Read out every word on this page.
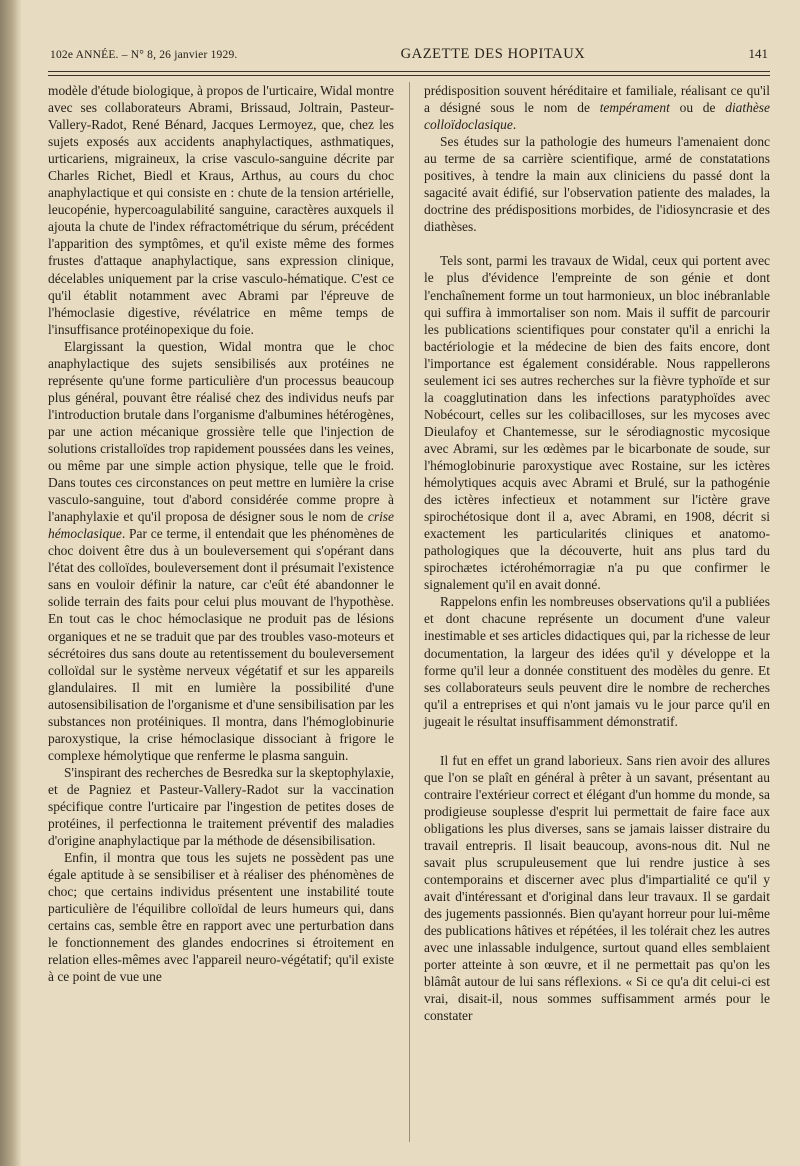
102e ANNÉE. – N° 8, 26 janvier 1929.	GAZETTE DES HOPITAUX	141

modèle d'étude biologique, à propos de l'urticaire, Widal montre avec ses collaborateurs Abrami, Brissaud, Joltrain, Pasteur-Vallery-Radot, René Bénard, Jacques Lermoyez, que, chez les sujets exposés aux accidents anaphylactiques, asthmatiques, urticariens, migraineux, la crise vasculo-sanguine décrite par Charles Richet, Biedl et Kraus, Arthus, au cours du choc anaphylactique et qui consiste en : chute de la tension artérielle, leucopénie, hypercoagulabilité sanguine, caractères auxquels il ajouta la chute de l'index réfractométrique du sérum, précédent l'apparition des symptômes, et qu'il existe même des formes frustes d'attaque anaphylactique, sans expression clinique, décelables uniquement par la crise vasculo-hématique. C'est ce qu'il établit notamment avec Abrami par l'épreuve de l'hémoclasie digestive, révélatrice en même temps de l'insuffisance protéinopexique du foie.

Elargissant la question, Widal montra que le choc anaphylactique des sujets sensibilisés aux protéines ne représente qu'une forme particulière d'un processus beaucoup plus général, pouvant être réalisé chez des individus neufs par l'introduction brutale dans l'organisme d'albumines hétérogènes, par une action mécanique grossière telle que l'injection de solutions cristalloïdes trop rapidement poussées dans les veines, ou même par une simple action physique, telle que le froid. Dans toutes ces circonstances on peut mettre en lumière la crise vasculo-sanguine, tout d'abord considérée comme propre à l'anaphylaxie et qu'il proposa de désigner sous le nom de crise hémoclasique. Par ce terme, il entendait que les phénomènes de choc doivent être dus à un bouleversement qui s'opérant dans l'état des colloïdes, bouleversement dont il présumait l'existence sans en vouloir définir la nature, car c'eût été abandonner le solide terrain des faits pour celui plus mouvant de l'hypothèse. En tout cas le choc hémoclasique ne produit pas de lésions organiques et ne se traduit que par des troubles vaso-moteurs et sécrétoires dus sans doute au retentissement du bouleversement colloïdal sur le système nerveux végétatif et sur les appareils glandulaires. Il mit en lumière la possibilité d'une autosensibilisation de l'organisme et d'une sensibilisation par les substances non protéiniques. Il montra, dans l'hémoglobinurie paroxystique, la crise hémoclasique dissociant à frigore le complexe hémolytique que renferme le plasma sanguin.

S'inspirant des recherches de Besredka sur la skeptophylaxie, et de Pagniez et Pasteur-Vallery-Radot sur la vaccination spécifique contre l'urticaire par l'ingestion de petites doses de protéines, il perfectionna le traitement préventif des maladies d'origine anaphylactique par la méthode de désensibilisation.

Enfin, il montra que tous les sujets ne possèdent pas une égale aptitude à se sensibiliser et à réaliser des phénomènes de choc; que certains individus présentent une instabilité toute particulière de l'équilibre colloïdal de leurs humeurs qui, dans certains cas, semble être en rapport avec une perturbation dans le fonctionnement des glandes endocrines si étroitement en relation elles-mêmes avec l'appareil neuro-végétatif; qu'il existe à ce point de vue une

prédisposition souvent héréditaire et familiale, réalisant ce qu'il a désigné sous le nom de tempérament ou de diathèse colloïdoclasique.

Ses études sur la pathologie des humeurs l'amenaient donc au terme de sa carrière scientifique, armé de constatations positives, à tendre la main aux cliniciens du passé dont la sagacité avait édifié, sur l'observation patiente des malades, la doctrine des prédispositions morbides, de l'idiosyncrasie et des diathèses.

Tels sont, parmi les travaux de Widal, ceux qui portent avec le plus d'évidence l'empreinte de son génie et dont l'enchaînement forme un tout harmonieux, un bloc inébranlable qui suffira à immortaliser son nom. Mais il suffit de parcourir les publications scientifiques pour constater qu'il a enrichi la bactériologie et la médecine de bien des faits encore, dont l'importance est également considérable. Nous rappellerons seulement ici ses autres recherches sur la fièvre typhoïde et sur la coagglutination dans les infections paratyphoïdes avec Nobécourt, celles sur les colibacilloses, sur les mycoses avec Dieulafoy et Chantemesse, sur le sérodiagnostic mycosique avec Abrami, sur les œdèmes par le bicarbonate de soude, sur l'hémoglobinurie paroxystique avec Rostaine, sur les ictères hémolytiques acquis avec Abrami et Brulé, sur la pathogénie des ictères infectieux et notamment sur l'ictère grave spirochétosique dont il a, avec Abrami, en 1908, décrit si exactement les particularités cliniques et anatomo-pathologiques que la découverte, huit ans plus tard du spirochætes ictérohémorragiæ n'a pu que confirmer le signalement qu'il en avait donné.

Rappelons enfin les nombreuses observations qu'il a publiées et dont chacune représente un document d'une valeur inestimable et ses articles didactiques qui, par la richesse de leur documentation, la largeur des idées qu'il y développe et la forme qu'il leur a donnée constituent des modèles du genre. Et ses collaborateurs seuls peuvent dire le nombre de recherches qu'il a entreprises et qui n'ont jamais vu le jour parce qu'il en jugeait le résultat insuffisamment démonstratif.

Il fut en effet un grand laborieux. Sans rien avoir des allures que l'on se plaît en général à prêter à un savant, présentant au contraire l'extérieur correct et élégant d'un homme du monde, sa prodigieuse souplesse d'esprit lui permettait de faire face aux obligations les plus diverses, sans se jamais laisser distraire du travail entrepris. Il lisait beaucoup, avons-nous dit. Nul ne savait plus scrupuleusement que lui rendre justice à ses contemporains et discerner avec plus d'impartialité ce qu'il y avait d'intéressant et d'original dans leur travaux. Il se gardait des jugements passionnés. Bien qu'ayant horreur pour lui-même des publications hâtives et répétées, il les tolérait chez les autres avec une inlassable indulgence, surtout quand elles semblaient porter atteinte à son œuvre, et il ne permettait pas qu'on les blâmât autour de lui sans réflexions. « Si ce qu'a dit celui-ci est vrai, disait-il, nous sommes suffisamment armés pour le constater
